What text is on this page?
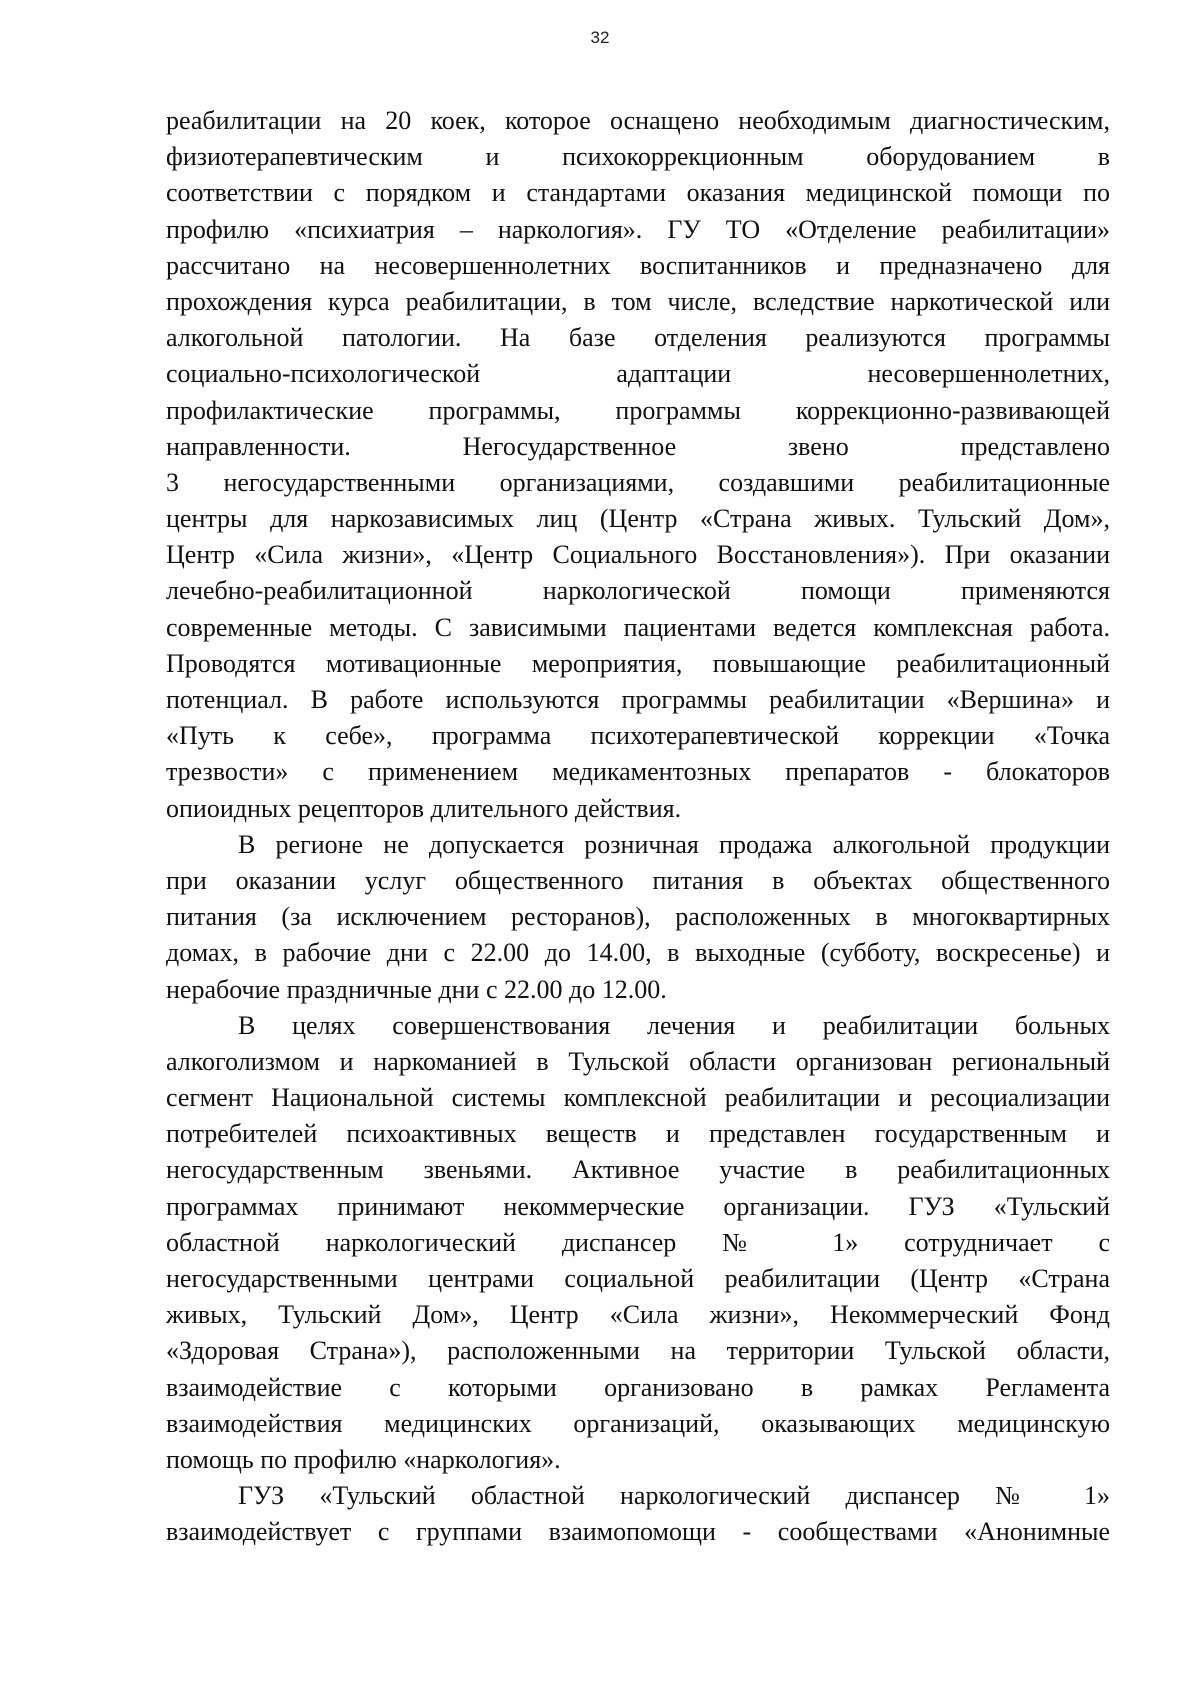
32
реабилитации на 20 коек, которое оснащено необходимым диагностическим,
физиотерапевтическим и психокоррекционным оборудованием в
соответствии с порядком и стандартами оказания медицинской помощи по
профилю «психиатрия – наркология». ГУ ТО «Отделение реабилитации»
рассчитано на несовершеннолетних воспитанников и предназначено для
прохождения курса реабилитации, в том числе, вследствие наркотической или
алкогольной патологии. На базе отделения реализуются программы
социально-психологической адаптации несовершеннолетних,
профилактические программы, программы коррекционно-развивающей
направленности. Негосударственное звено представлено
3 негосударственными организациями, создавшими реабилитационные
центры для наркозависимых лиц (Центр «Страна живых. Тульский Дом»,
Центр «Сила жизни», «Центр Социального Восстановления»). При оказании
лечебно-реабилитационной наркологической помощи применяются
современные методы. С зависимыми пациентами ведется комплексная работа.
Проводятся мотивационные мероприятия, повышающие реабилитационный
потенциал. В работе используются программы реабилитации «Вершина» и
«Путь к себе», программа психотерапевтической коррекции «Точка
трезвости» с применением медикаментозных препаратов - блокаторов
опиоидных рецепторов длительного действия.
В регионе не допускается розничная продажа алкогольной продукции
при оказании услуг общественного питания в объектах общественного
питания (за исключением ресторанов), расположенных в многоквартирных
домах, в рабочие дни с 22.00 до 14.00, в выходные (субботу, воскресенье) и
нерабочие праздничные дни с 22.00 до 12.00.
В целях совершенствования лечения и реабилитации больных
алкоголизмом и наркоманией в Тульской области организован региональный
сегмент Национальной системы комплексной реабилитации и ресоциализации
потребителей психоактивных веществ и представлен государственным и
негосударственным звеньями. Активное участие в реабилитационных
программах принимают некоммерческие организации. ГУЗ «Тульский
областной наркологический диспансер № 1» сотрудничает с
негосударственными центрами социальной реабилитации (Центр «Страна
живых, Тульский Дом», Центр «Сила жизни», Некоммерческий Фонд
«Здоровая Страна»), расположенными на территории Тульской области,
взаимодействие с которыми организовано в рамках Регламента
взаимодействия медицинских организаций, оказывающих медицинскую
помощь по профилю «наркология».
ГУЗ «Тульский областной наркологический диспансер № 1»
взаимодействует с группами взаимопомощи - сообществами «Анонимные
